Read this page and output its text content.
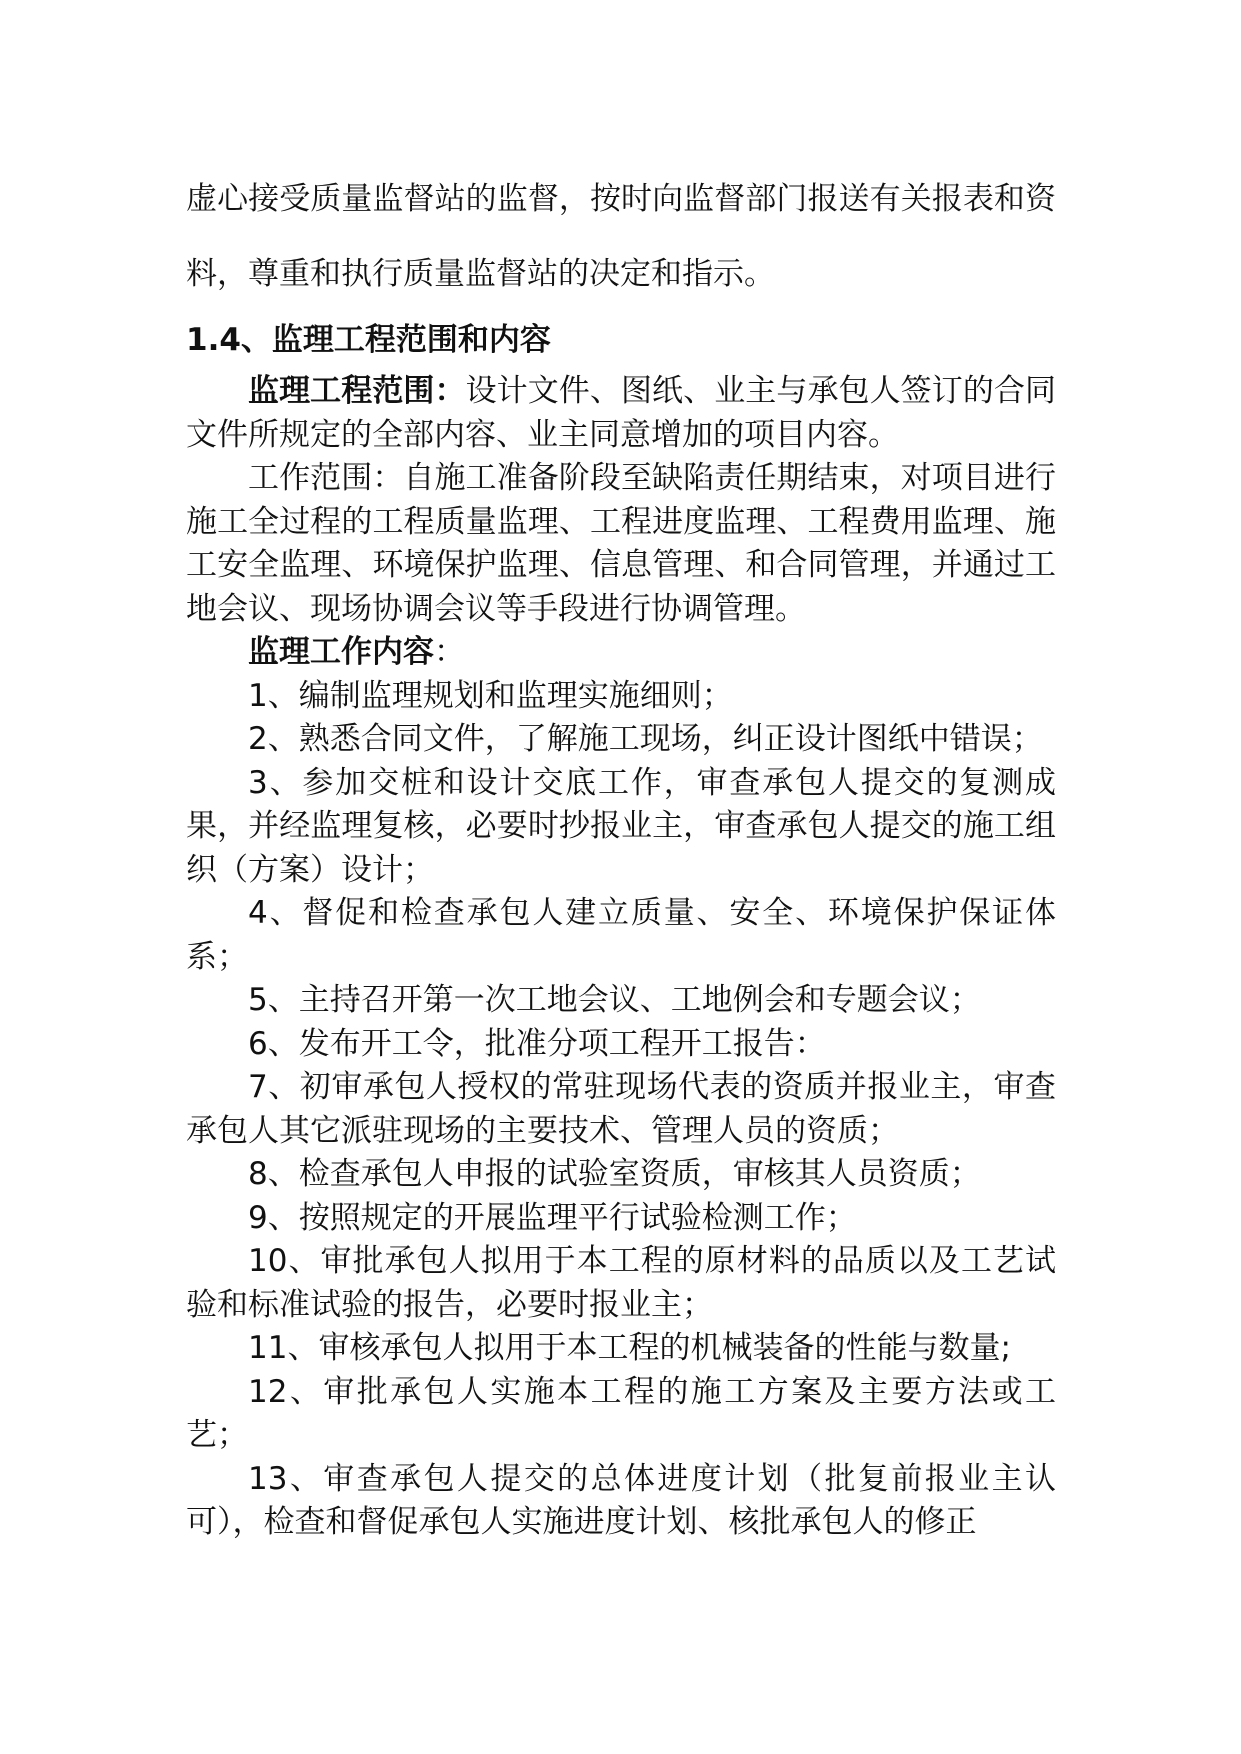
虚心接受质量监督站的监督，按时向监督部门报送有关报表和资料，尊重和执行质量监督站的决定和指示。

1.4、监理工程范围和内容

监理工程范围：设计文件、图纸、业主与承包人签订的合同文件所规定的全部内容、业主同意增加的项目内容。

工作范围：自施工准备阶段至缺陷责任期结束，对项目进行施工全过程的工程质量监理、工程进度监理、工程费用监理、施工安全监理、环境保护监理、信息管理、和合同管理，并通过工地会议、现场协调会议等手段进行协调管理。

监理工作内容：

1、编制监理规划和监理实施细则；

2、熟悉合同文件，了解施工现场，纠正设计图纸中错误；

3、参加交桩和设计交底工作，审查承包人提交的复测成果，并经监理复核，必要时抄报业主，审查承包人提交的施工组织（方案）设计；

4、督促和检查承包人建立质量、安全、环境保护保证体系；

5、主持召开第一次工地会议、工地例会和专题会议；

6、发布开工令，批准分项工程开工报告：

7、初审承包人授权的常驻现场代表的资质并报业主，审查承包人其它派驻现场的主要技术、管理人员的资质；

8、检查承包人申报的试验室资质，审核其人员资质；

9、按照规定的开展监理平行试验检测工作；

10、审批承包人拟用于本工程的原材料的品质以及工艺试验和标准试验的报告，必要时报业主；

11、审核承包人拟用于本工程的机械装备的性能与数量;

12、审批承包人实施本工程的施工方案及主要方法或工艺；

13、审查承包人提交的总体进度计划（批复前报业主认可），检查和督促承包人实施进度计划、核批承包人的修正
